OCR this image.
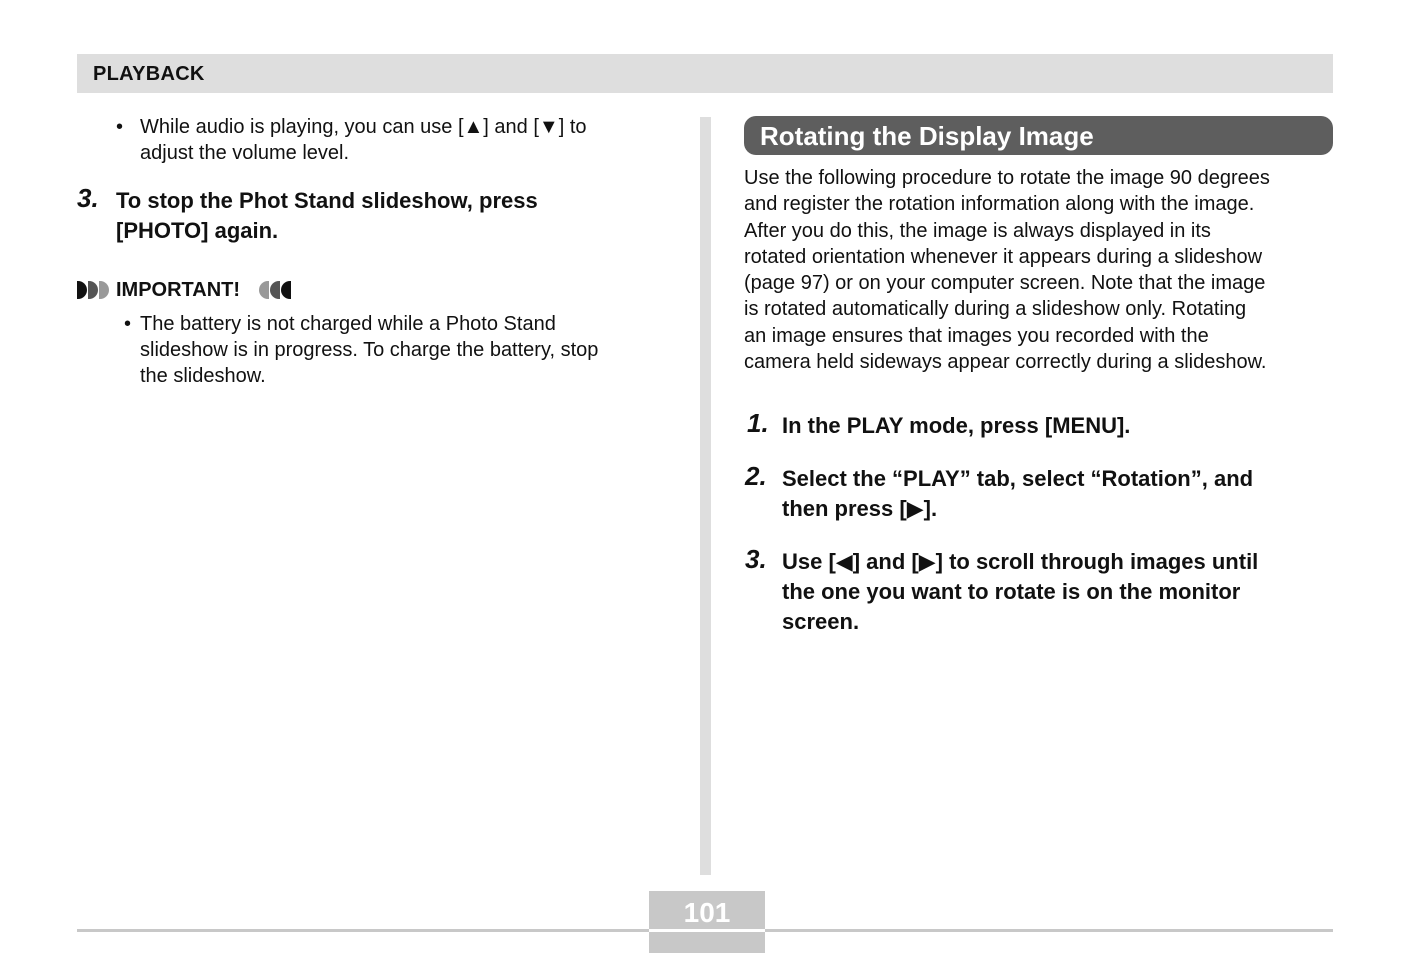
PLAYBACK
• While audio is playing, you can use [▲] and [▼] to
adjust the volume level.
3. To stop the Phot Stand slideshow, press
[PHOTO] again.
IMPORTANT!
• The battery is not charged while a Photo Stand
slideshow is in progress. To charge the battery, stop
the slideshow.
Rotating the Display Image
Use the following procedure to rotate the image 90 degrees
and register the rotation information along with the image.
After you do this, the image is always displayed in its
rotated orientation whenever it appears during a slideshow
(page 97) or on your computer screen. Note that the image
is rotated automatically during a slideshow only. Rotating
an image ensures that images you recorded with the
camera held sideways appear correctly during a slideshow.
1. In the PLAY mode, press [MENU].
2. Select the “PLAY” tab, select “Rotation”, and
then press [▶].
3. Use [◀] and [▶] to scroll through images until
the one you want to rotate is on the monitor
screen.
101
